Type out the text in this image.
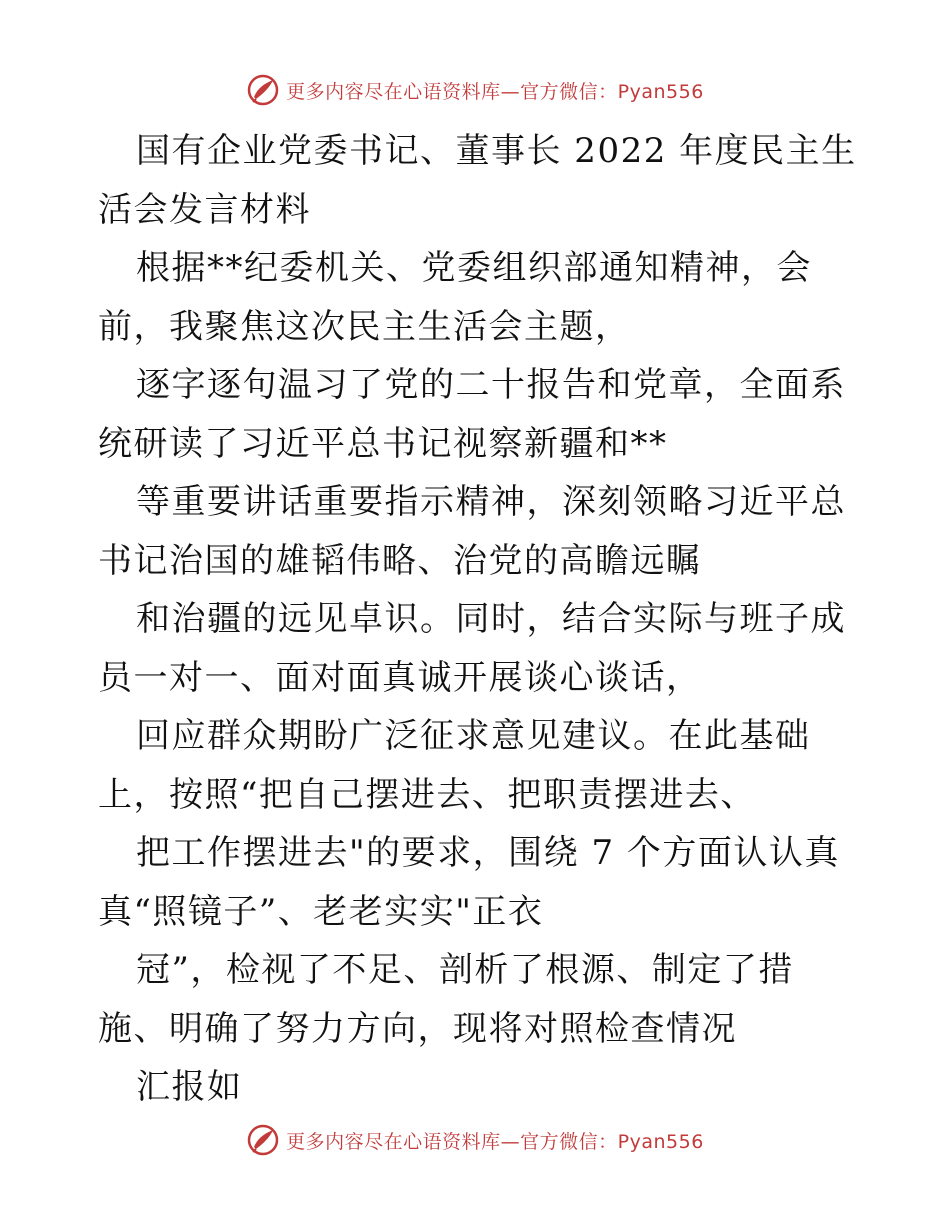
更多内容尽在心语资料库—官方微信：Pyan556

国有企业党委书记、董事长 2022 年度民主生活会发言材料

根据**纪委机关、党委组织部通知精神，会前，我聚焦这次民主生活会主题，

逐字逐句温习了党的二十报告和党章，全面系统研读了习近平总书记视察新疆和**

等重要讲话重要指示精神，深刻领略习近平总书记治国的雄韬伟略、治党的高瞻远瞩

和治疆的远见卓识。同时，结合实际与班子成员一对一、面对面真诚开展谈心谈话，

回应群众期盼广泛征求意见建议。在此基础上，按照“把自己摆进去、把职责摆进去、

把工作摆进去"的要求，围绕 7 个方面认认真真“照镜子”、老老实实"正衣

冠”，检视了不足、剖析了根源、制定了措施、明确了努力方向，现将对照检查情况

汇报如

更多内容尽在心语资料库—官方微信：Pyan556
